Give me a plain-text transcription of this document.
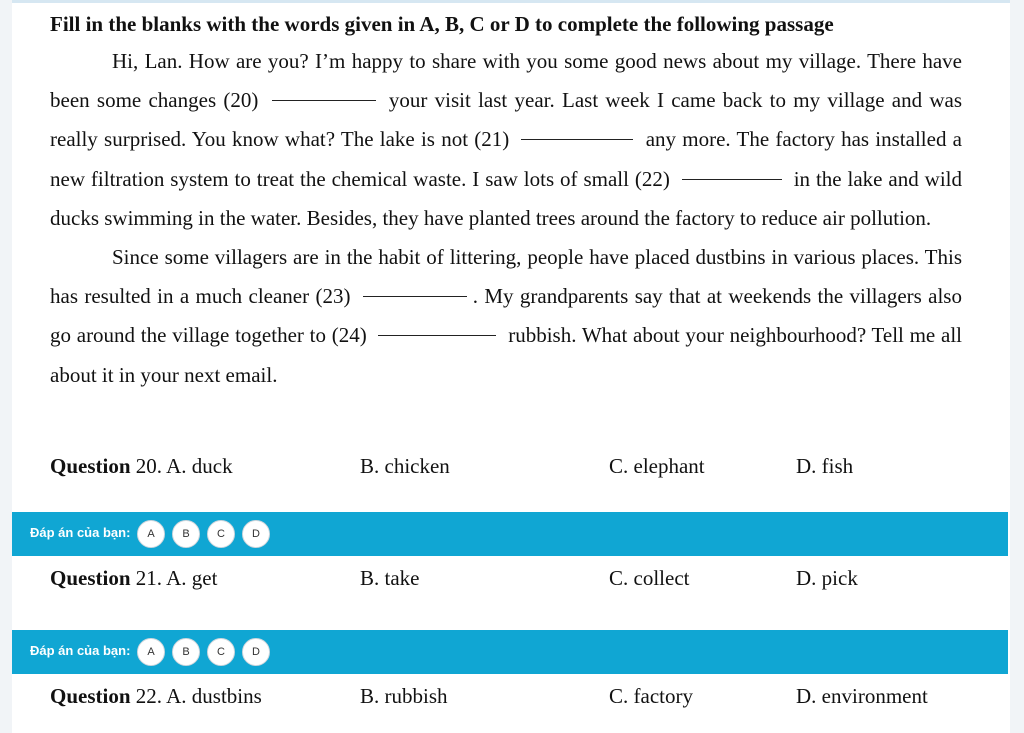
Fill in the blanks with the words given in A, B, C or D to complete the following passage

Hi, Lan. How are you? I’m happy to share with you some good news about my village. There have been some changes (20)	your visit last year. Last week I came back to my village and was really surprised. You know what? The lake is not (21)	any more. The factory has installed a new filtration system to treat the chemical waste. I saw lots of small (22)	in the lake and wild ducks swimming in the water. Besides, they have planted trees around the factory to reduce air pollution.

Since some villagers are in the habit of littering, people have placed dustbins in various places. This has resulted in a much cleaner (23)	. My grandparents say that at weekends the villagers also go around the village together to (24)	rubbish. What about your neighbourhood? Tell me all about it in your next email.

Question 20. A. duck	B. chicken	C. elephant	D. fish
Đáp án của bạn:	A	B	C	D
Question 21. A. get	B. take	C. collect	D. pick
Đáp án của bạn:	A	B	C	D
Question 22. A. dustbins	B. rubbish	C. factory	D. environment
